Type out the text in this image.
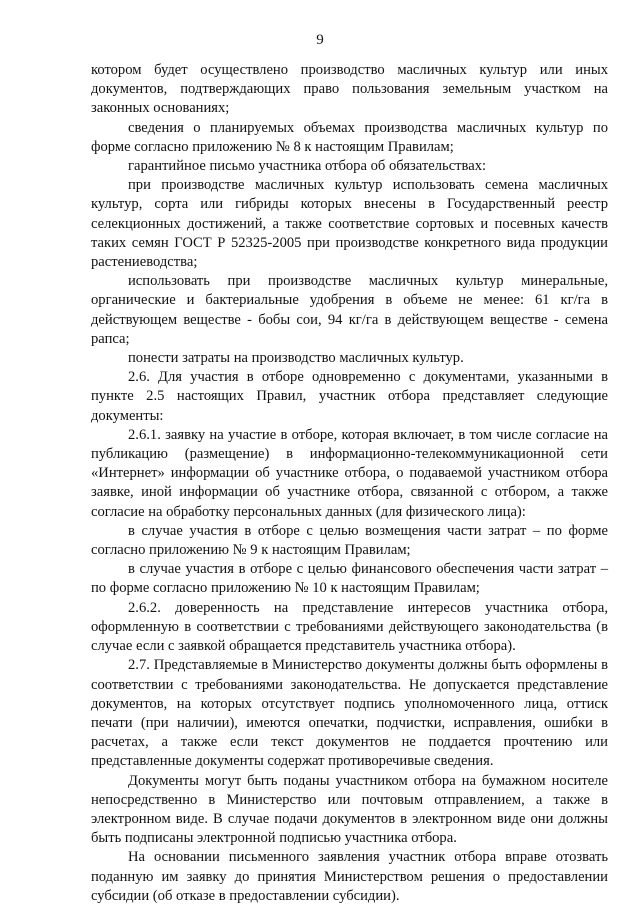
9

котором будет осуществлено производство масличных культур или иных документов, подтверждающих право пользования земельным участком на законных основаниях;

сведения о планируемых объемах производства масличных культур по форме согласно приложению № 8 к настоящим Правилам;

гарантийное письмо участника отбора об обязательствах:

при производстве масличных культур использовать семена масличных культур, сорта или гибриды которых внесены в Государственный реестр селекционных достижений, а также соответствие сортовых и посевных качеств таких семян ГОСТ Р 52325-2005 при производстве конкретного вида продукции растениеводства;

использовать при производстве масличных культур минеральные, органические и бактериальные удобрения в объеме не менее: 61 кг/га в действующем веществе - бобы сои, 94 кг/га в действующем веществе - семена рапса;

понести затраты на производство масличных культур.

2.6. Для участия в отборе одновременно с документами, указанными в пункте 2.5 настоящих Правил, участник отбора представляет следующие документы:

2.6.1. заявку на участие в отборе, которая включает, в том числе согласие на публикацию (размещение) в информационно-телекоммуникационной сети «Интернет» информации об участнике отбора, о подаваемой участником отбора заявке, иной информации об участнике отбора, связанной с отбором, а также согласие на обработку персональных данных (для физического лица):

в случае участия в отборе с целью возмещения части затрат – по форме согласно приложению № 9 к настоящим Правилам;

в случае участия в отборе с целью финансового обеспечения части затрат – по форме согласно приложению № 10 к настоящим Правилам;

2.6.2. доверенность на представление интересов участника отбора, оформленную в соответствии с требованиями действующего законодательства (в случае если с заявкой обращается представитель участника отбора).

2.7. Представляемые в Министерство документы должны быть оформлены в соответствии с требованиями законодательства. Не допускается представление документов, на которых отсутствует подпись уполномоченного лица, оттиск печати (при наличии), имеются опечатки, подчистки, исправления, ошибки в расчетах, а также если текст документов не поддается прочтению или представленные документы содержат противоречивые сведения.

Документы могут быть поданы участником отбора на бумажном носителе непосредственно в Министерство или почтовым отправлением, а также в электронном виде. В случае подачи документов в электронном виде они должны быть подписаны электронной подписью участника отбора.

На основании письменного заявления участник отбора вправе отозвать поданную им заявку до принятия Министерством решения о предоставлении субсидии (об отказе в предоставлении субсидии).
